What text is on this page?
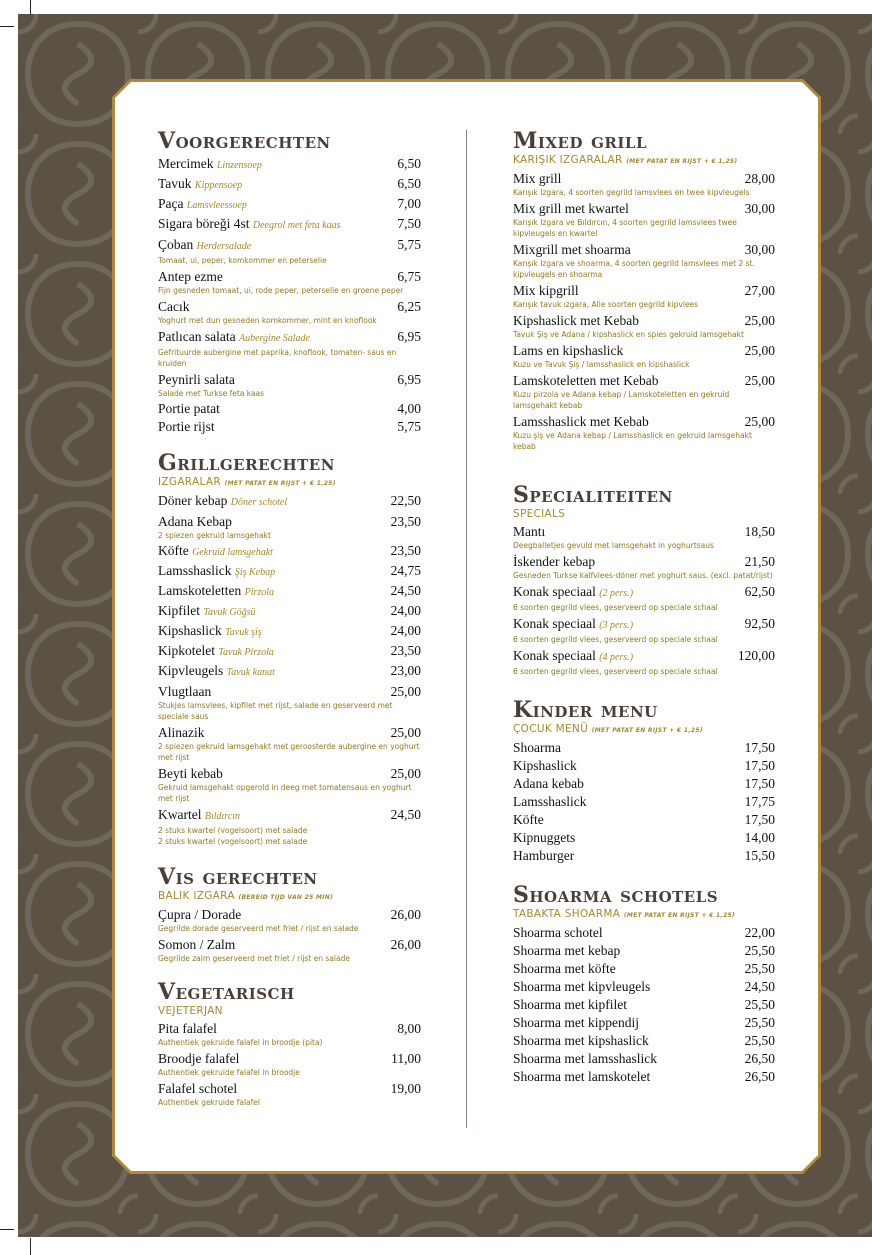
Voorgerechten
Mercimek Linzensoep	6,50
Tavuk Kippensoep	6,50
Paça Lamsvleessoep	7,00
Sigara böreği 4st Deegrol met feta kaas	7,50
Çoban Herdersalade	5,75
Tomaat, ui, peper, komkommer en peterselie
Antep ezme	6,75
Fijn gesneden tomaat, ui, rode peper, peterselie en groene peper
Cacık	6,25
Yoghurt met dun gesneden komkommer, mint en knoflook
Patlıcan salata Aubergine Salade	6,95
Gefrituurde aubergine met paprika, knoflook, tomaten- saus en kruiden
Peynirli salata	6,95
Salade met Turkse feta kaas
Portie patat	4,00
Portie rijst	5,75
Grillgerechten
IZGARALAR (MET PATAT EN RIJST + € 1,25)
Döner kebap Döner schotel	22,50
Adana Kebap	23,50
2 spiezen gekruid lamsgehakt
Köfte Gekruid lamsgehakt	23,50
Lamsshaslick Şiş Kebap	24,75
Lamskoteletten Pirzola	24,50
Kipfilet Tavuk Göğsü	24,00
Kipshaslick Tavuk şiş	24,00
Kipkotelet Tavuk Pirzola	23,50
Kipvleugels Tavuk kanat	23,00
Vlugtlaan	25,00
Stukjes lamsvlees, kipfilet met rijst, salade en geserveerd met speciale saus
Alinazik	25,00
2 spiezen gekruid lamsgehakt met geroosterde aubergine en yoghurt met rijst
Beyti kebab	25,00
Gekruid lamsgehakt opgerold in deeg met tomatensaus en yoghurt met rijst
Kwartel Bıldırcın	24,50
2 stuks kwartel (vogelsoort) met salade
2 stuks kwartel (vogelsoort) met salade
Vis gerechten
BALIK IZGARA (BEREID TIJD VAN 25 MIN)
Çupra / Dorade	26,00
Gegrilde dorade geserveerd met friet / rijst en salade
Somon / Zalm	26,00
Gegrilde zalm geserveerd met friet / rijst en salade
Vegetarisch
VEJETERJAN
Pita falafel	8,00
Authentiek gekruide falafel in broodje (pita)
Broodje falafel	11,00
Authentiek gekruide falafel in broodje
Falafel schotel	19,00
Authentiek gekruide falafel
Mixed grill
KARIŞIK IZGARALAR (MET PATAT EN RIJST + € 1,25)
Mix grill	28,00
Karışık Izgara, 4 soorten gegrild lamsvlees en twee kipvleugels
Mix grill met kwartel	30,00
Karışık Izgara ve Bıldırcın, 4 soorten gegrild lamsvlees twee kipvleugels en kwartel
Mixgrill met shoarma	30,00
Karışık Izgara ve shoarma, 4 soorten gegrild lamsvlees met 2 st. kipvleugels en shoarma
Mix kipgrill	27,00
Karışık tavuk ızgara, Alle soorten gegrild kipvlees
Kipshaslick met Kebab	25,00
Tavuk Şiş ve Adana / kipshaslick en spies gekruid lamsgehakt
Lams en kipshaslick	25,00
Kuzu ve Tavuk Şiş / lamsshaslick en kipshaslick
Lamskoteletten met Kebab	25,00
Kuzu pirzola ve Adana kebap / Lamskoteletten en gekruid lamsgehakt kebab
Lamsshaslick met Kebab	25,00
Kuzu şiş ve Adana kebap / Lamsshaslick en gekruid lamsgehakt kebab
Specialiteiten
SPECIALS
Mantı	18,50
Deegballetjes gevuld met lamsgehakt in yoghurtsaus
İskender kebap	21,50
Gesneden Turkse kalfvlees-döner met yoghurt saus. (excl. patat/rijst)
Konak speciaal (2 pers.)	62,50
6 soorten gegrild vlees, geserveerd op speciale schaal
Konak speciaal (3 pers.)	92,50
6 soorten gegrild vlees, geserveerd op speciale schaal
Konak speciaal (4 pers.)	120,00
6 soorten gegrild vlees, geserveerd op speciale schaal
Kinder menu
ÇOCUK MENÜ (MET PATAT EN RIJST + € 1,25)
Shoarma	17,50
Kipshaslick	17,50
Adana kebab	17,50
Lamsshaslick	17,75
Köfte	17,50
Kipnuggets	14,00
Hamburger	15,50
Shoarma schotels
TABAKTA SHOARMA (MET PATAT EN RIJST + € 1,25)
Shoarma schotel	22,00
Shoarma met kebap	25,50
Shoarma met köfte	25,50
Shoarma met kipvleugels	24,50
Shoarma met kipfilet	25,50
Shoarma met kippendij	25,50
Shoarma met kipshaslick	25,50
Shoarma met lamsshaslick	26,50
Shoarma met lamskotelet	26,50
